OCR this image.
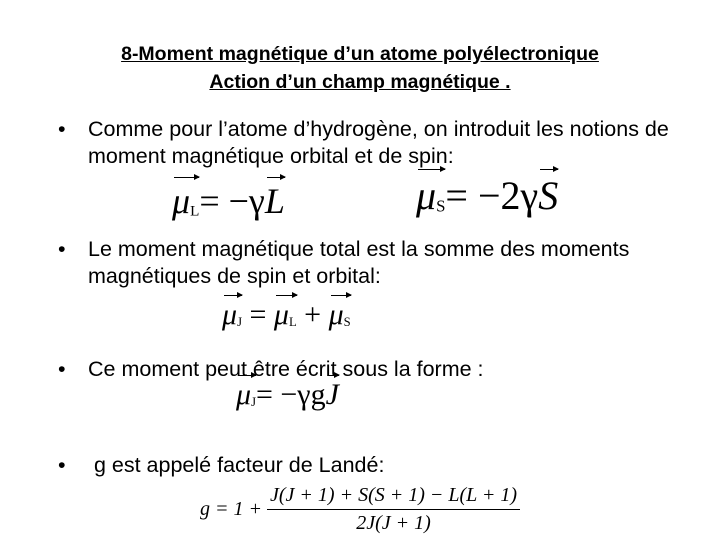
8-Moment magnétique d’un atome polyélectronique
Action d’un champ magnétique .
• Comme pour l’atome d’hydrogène, on introduit les notions de moment magnétique orbital et de spin:
μL= −γL	μS= −2γS
• Le moment magnétique total est la somme des moments magnétiques de spin et orbital:
μJ = μL + μS
• Ce moment peut être écrit sous la forme :
μJ= −γgJ
• g est appelé facteur de Landé:
$g = 1 + \frac{J(J + 1) + S(S + 1) - L(L + 1)}{2J(J + 1)}$
